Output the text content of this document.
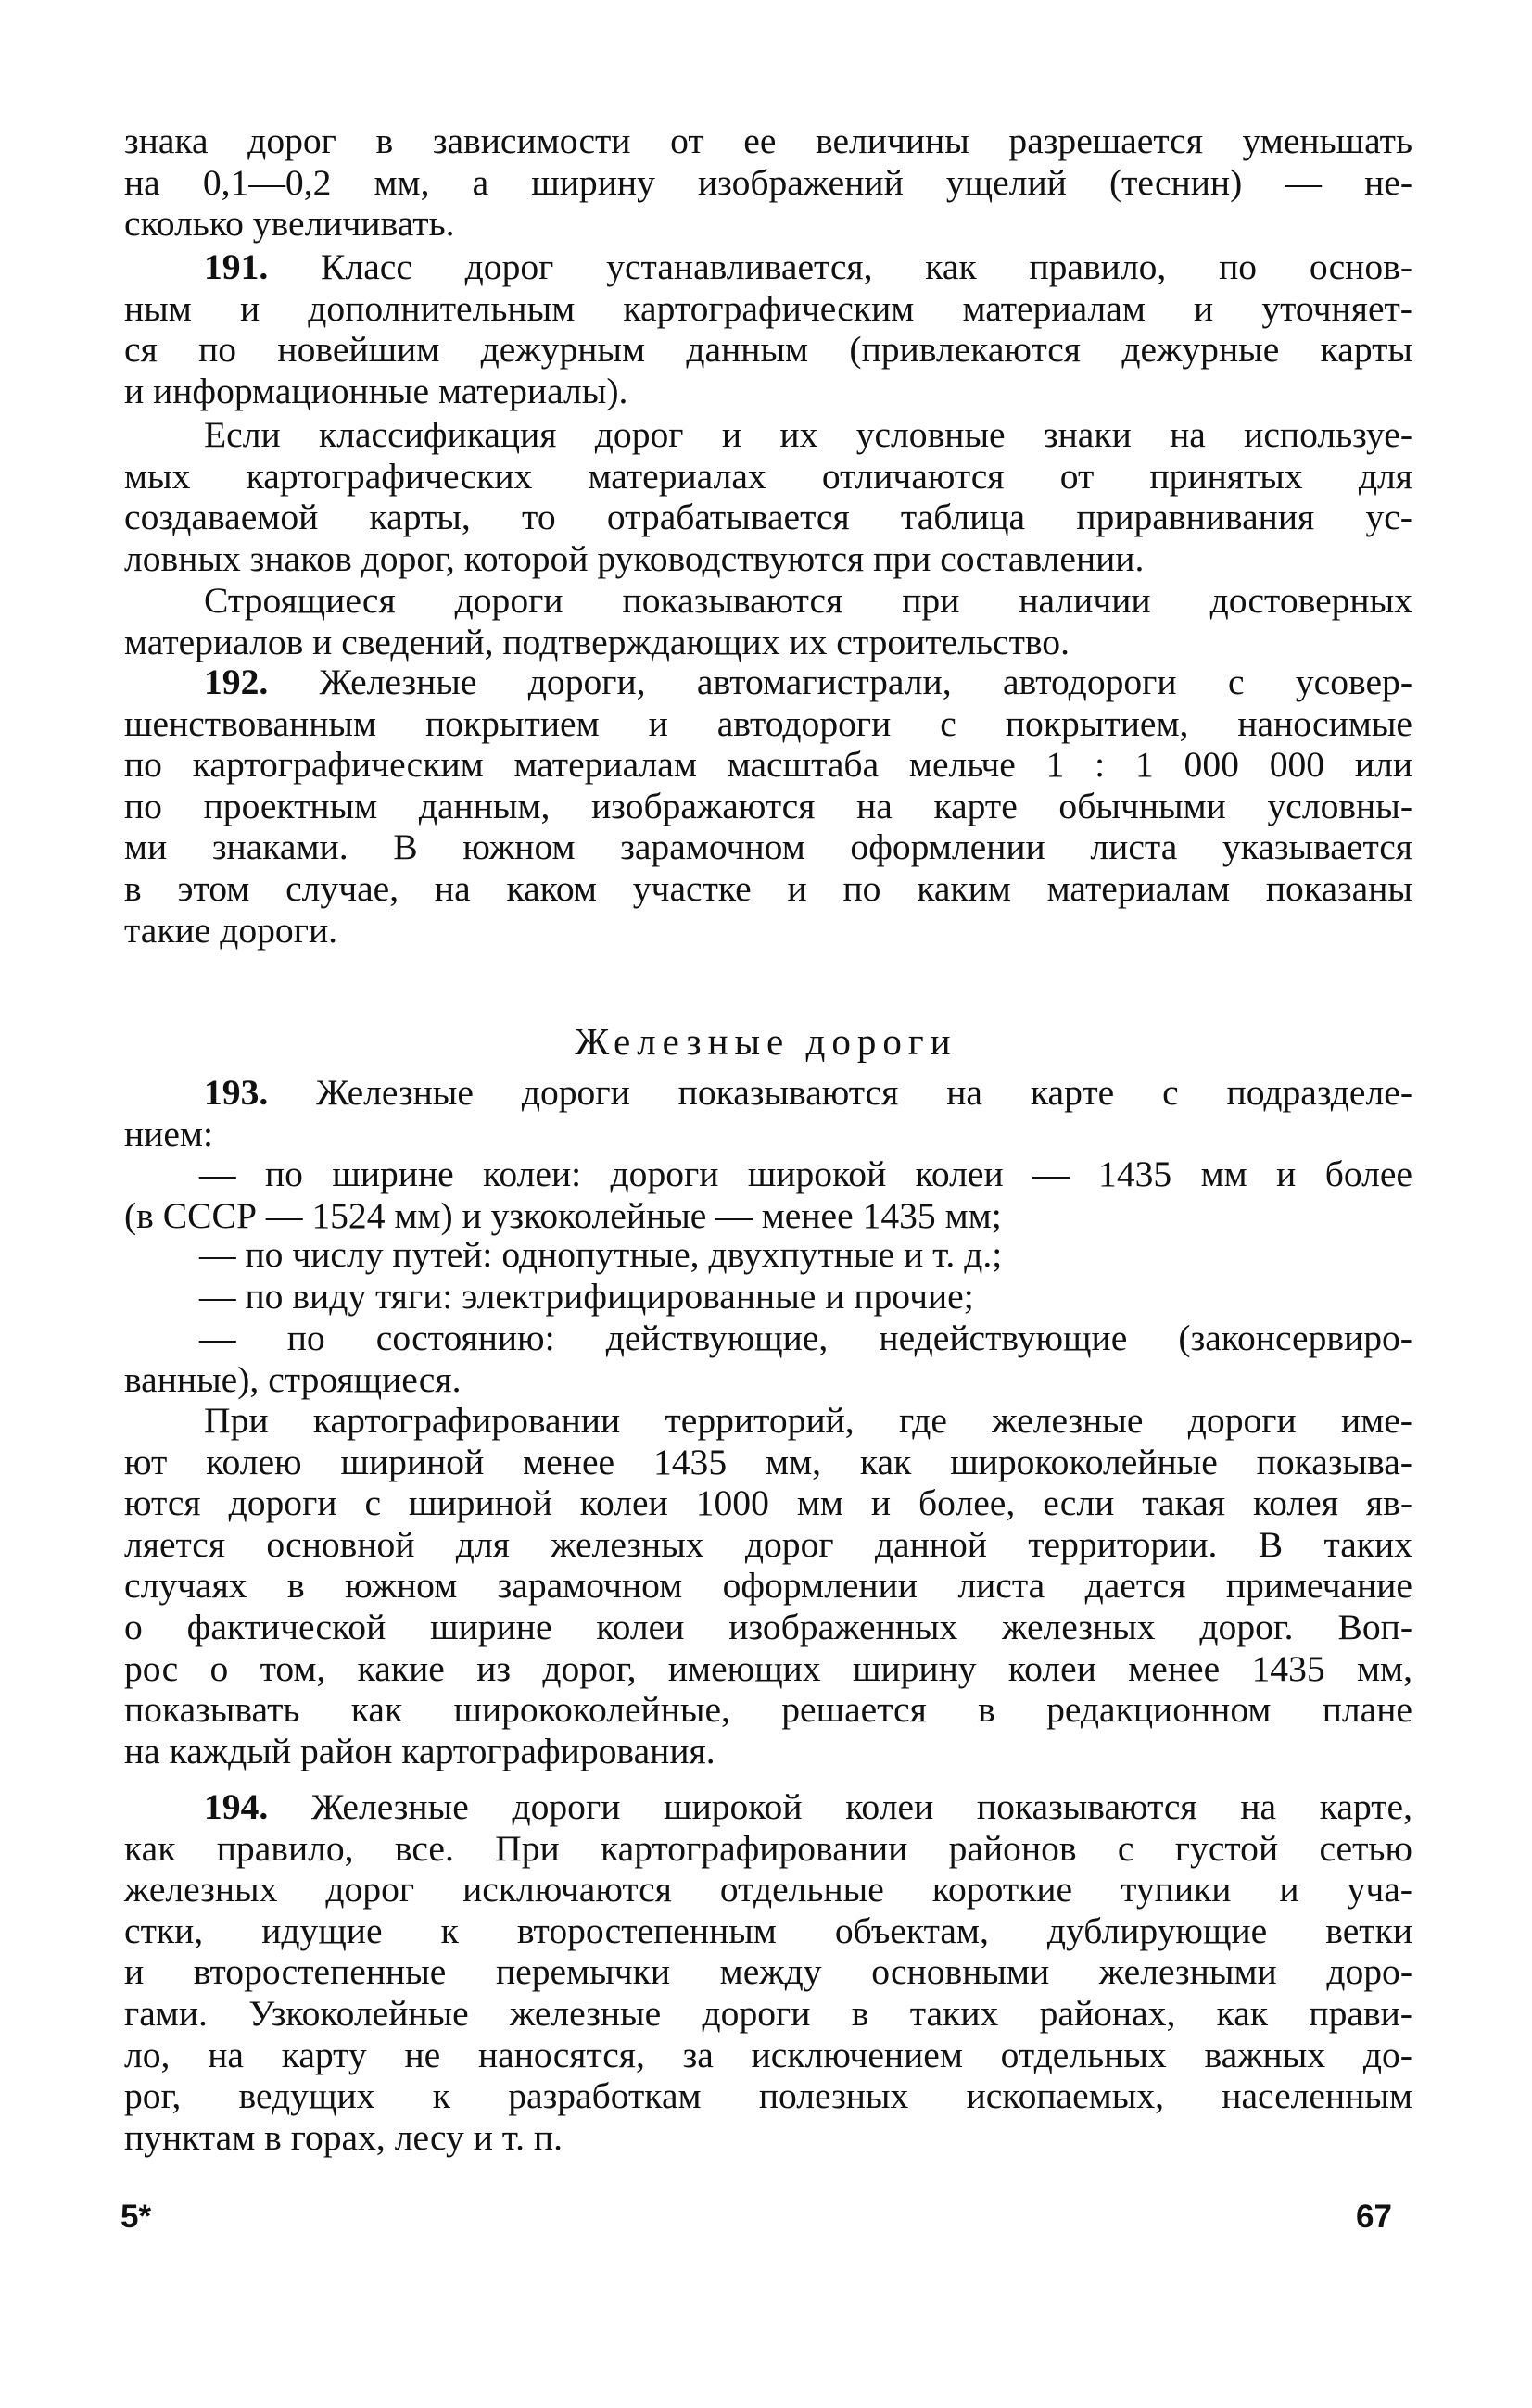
знака дорог в зависимости от ее величины разрешается уменьшать
на 0,1—0,2 мм, а ширину изображений ущелий (теснин) — не-
сколько увеличивать.
191. Класс дорог устанавливается, как правило, по основ-
ным и дополнительным картографическим материалам и уточняет-
ся по новейшим дежурным данным (привлекаются дежурные карты
и информационные материалы).
Если классификация дорог и их условные знаки на используе-
мых картографических материалах отличаются от принятых для
создаваемой карты, то отрабатывается таблица приравнивания ус-
ловных знаков дорог, которой руководствуются при составлении.
Строящиеся дороги показываются при наличии достоверных
материалов и сведений, подтверждающих их строительство.
192. Железные дороги, автомагистрали, автодороги с усовер-
шенствованным покрытием и автодороги с покрытием, наносимые
по картографическим материалам масштаба мельче 1 : 1 000 000 или
по проектным данным, изображаются на карте обычными условны-
ми знаками. В южном зарамочном оформлении листа указывается
в этом случае, на каком участке и по каким материалам показаны
такие дороги.
193. Железные дороги показываются на карте с подразделе-
нием:
— по ширине колеи: дороги широкой колеи — 1435 мм и более
(в СССР — 1524 мм) и узкоколейные — менее 1435 мм;
— по числу путей: однопутные, двухпутные и т. д.;
— по виду тяги: электрифицированные и прочие;
— по состоянию: действующие, недействующие (законсервиро-
ванные), строящиеся.
При картографировании территорий, где железные дороги име-
ют колею шириной менее 1435 мм, как ширококолейные показыва-
ются дороги с шириной колеи 1000 мм и более, если такая колея яв-
ляется основной для железных дорог данной территории. В таких
случаях в южном зарамочном оформлении листа дается примечание
о фактической ширине колеи изображенных железных дорог. Воп-
рос о том, какие из дорог, имеющих ширину колеи менее 1435 мм,
показывать как ширококолейные, решается в редакционном плане
на каждый район картографирования.
194. Железные дороги широкой колеи показываются на карте,
как правило, все. При картографировании районов с густой сетью
железных дорог исключаются отдельные короткие тупики и уча-
стки, идущие к второстепенным объектам, дублирующие ветки
и второстепенные перемычки между основными железными доро-
гами. Узкоколейные железные дороги в таких районах, как прави-
ло, на карту не наносятся, за исключением отдельных важных до-
рог, ведущих к разработкам полезных ископаемых, населенным
пунктам в горах, лесу и т. п.
Железные дороги
5*	67
